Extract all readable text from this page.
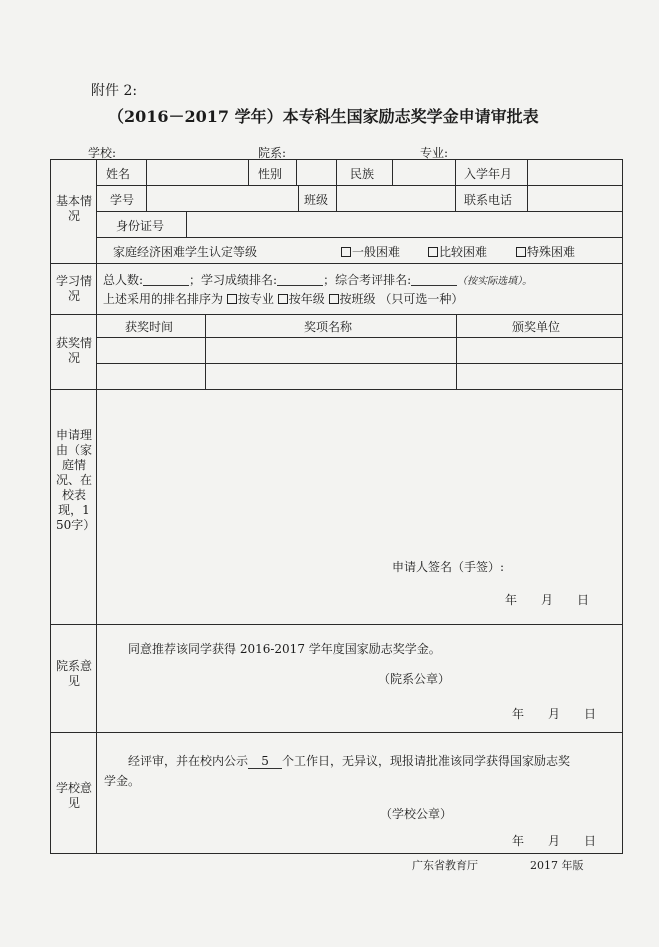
附件 2:
（2016－2017 学年）本专科生国家励志奖学金申请审批表
学校:	院系:	专业:
基本情况
姓名	性别	民族	入学年月
学号	班级	联系电话
身份证号
家庭经济困难学生认定等级	一般困难	比较困难	特殊困难
学习情况
总人数:	；学习成绩排名:	；综合考评排名:	（按实际选填）。
上述采用的排名排序为 按专业 按年级 按班级 （只可选一种）
获奖情况
获奖时间	奖项名称	颁奖单位
申请理由（家庭情况、在校表现，150字）
申请人签名（手签）:
年　　月　　日
院系意见
同意推荐该同学获得 2016-2017 学年度国家励志奖学金。
（院系公章）
年　　月　　日
学校意见
经评审，并在校内公示 5 个工作日，无异议，现报请批准该同学获得国家励志奖
学金。
（学校公章）
年　　月　　日
广东省教育厅	2017 年版
